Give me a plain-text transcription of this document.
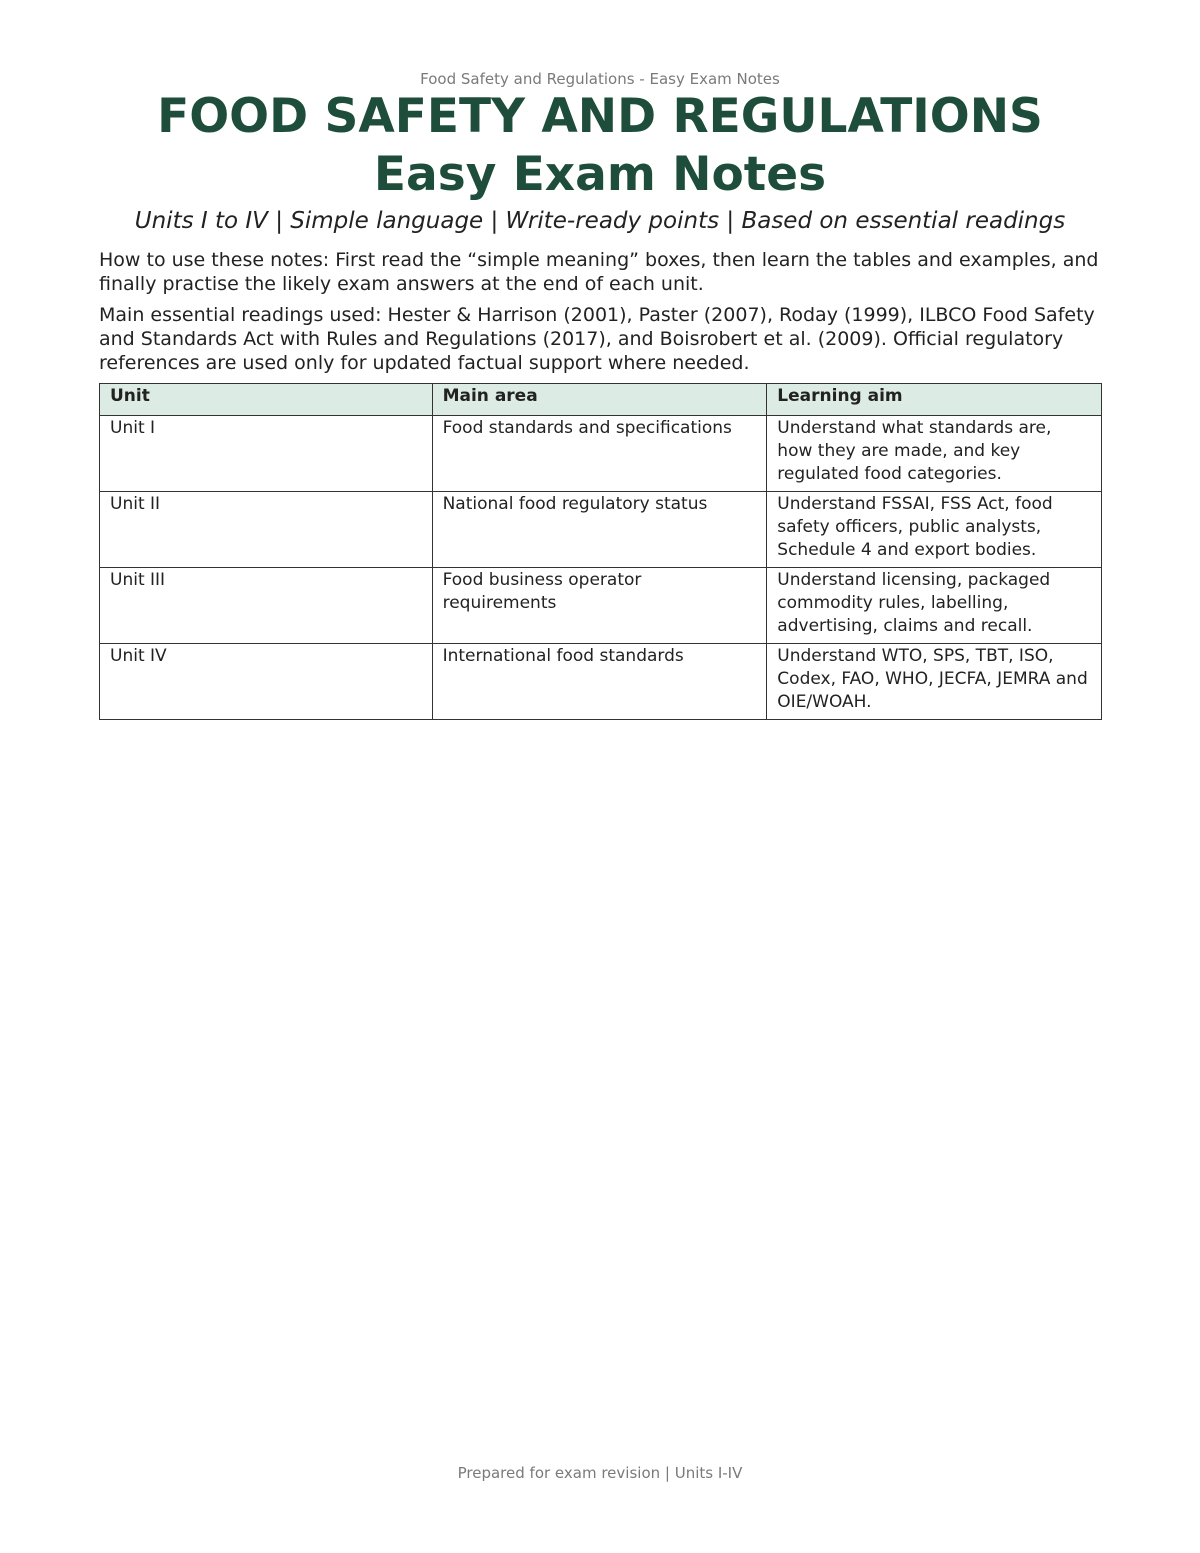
Food Safety and Regulations - Easy Exam Notes
FOOD SAFETY AND REGULATIONS
Easy Exam Notes
Units I to IV | Simple language | Write-ready points | Based on essential readings
How to use these notes: First read the “simple meaning” boxes, then learn the tables and examples, and finally practise the likely exam answers at the end of each unit.
Main essential readings used: Hester & Harrison (2001), Paster (2007), Roday (1999), ILBCO Food Safety and Standards Act with Rules and Regulations (2017), and Boisrobert et al. (2009). Official regulatory references are used only for updated factual support where needed.
Unit	Main area	Learning aim
Unit I	Food standards and specifications	Understand what standards are, how they are made, and key regulated food categories.
Unit II	National food regulatory status	Understand FSSAI, FSS Act, food safety officers, public analysts, Schedule 4 and export bodies.
Unit III	Food business operator requirements	Understand licensing, packaged commodity rules, labelling, advertising, claims and recall.
Unit IV	International food standards	Understand WTO, SPS, TBT, ISO, Codex, FAO, WHO, JECFA, JEMRA and OIE/WOAH.
Prepared for exam revision | Units I-IV
